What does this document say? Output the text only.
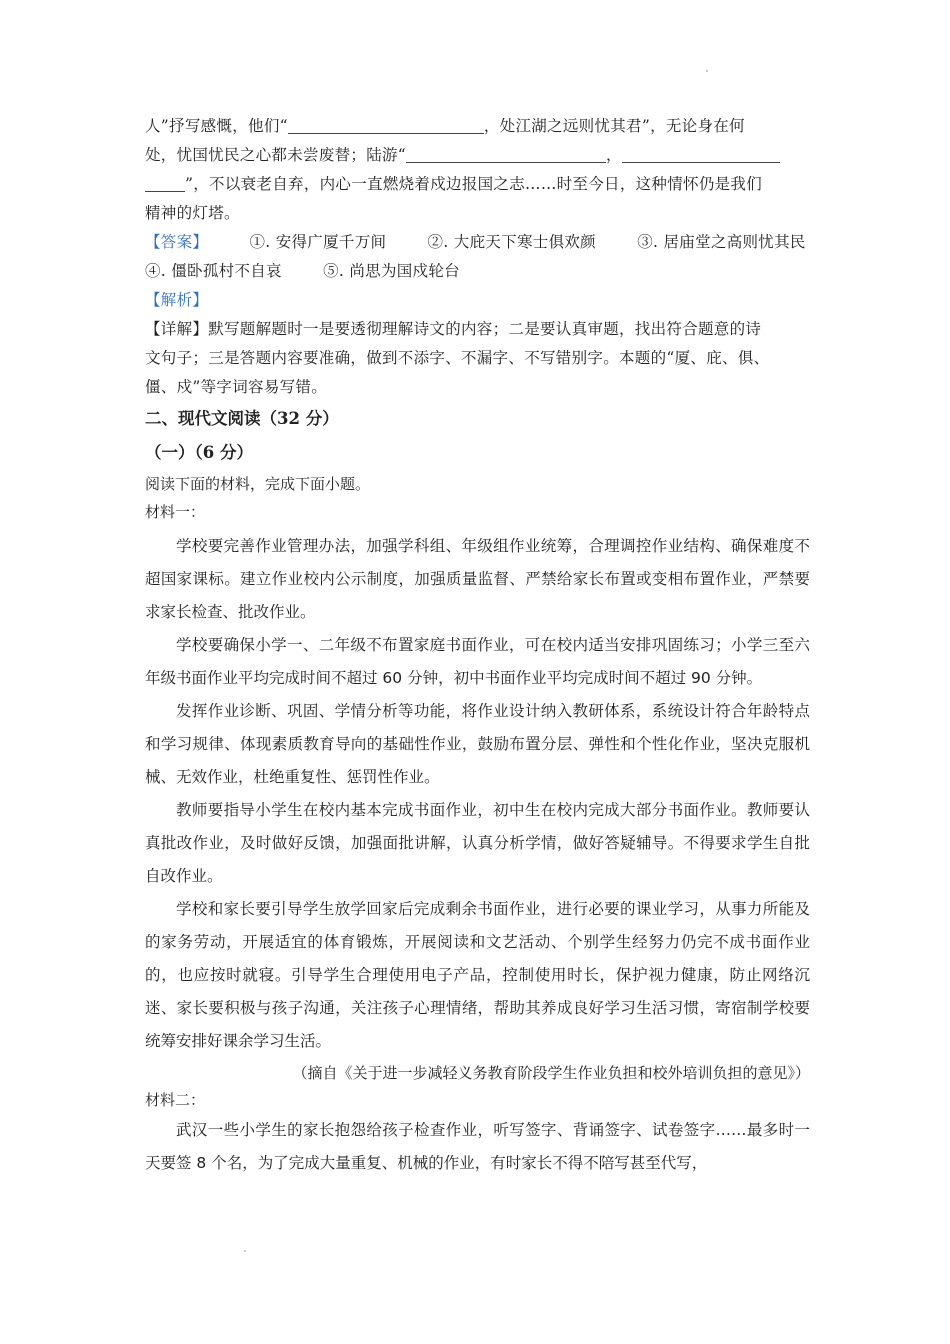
人”抒写感慨，他们“	，处江湖之远则忧其君”，无论身在何
处，忧国忧民之心都未尝废替；陆游“	，
”，不以衰老自弃，内心一直燃烧着戍边报国之志……时至今日，这种情怀仍是我们
精神的灯塔。
【答案】	①. 安得广厦千万间	②. 大庇天下寒士俱欢颜	③. 居庙堂之高则忧其民
④. 僵卧孤村不自哀	⑤. 尚思为国戍轮台
【解析】
【详解】默写题解题时一是要透彻理解诗文的内容；二是要认真审题，找出符合题意的诗
文句子；三是答题内容要准确，做到不添字、不漏字、不写错别字。本题的“厦、庇、俱、
僵、戍”等字词容易写错。
二、现代文阅读（32 分）
（一）（6 分）
阅读下面的材料，完成下面小题。
材料一：

学校要完善作业管理办法，加强学科组、年级组作业统筹，合理调控作业结构、确保难度不超国家课标。建立作业校内公示制度，加强质量监督、严禁给家长布置或变相布置作业，严禁要求家长检查、批改作业。

学校要确保小学一、二年级不布置家庭书面作业，可在校内适当安排巩固练习；小学三至六年级书面作业平均完成时间不超过 60 分钟，初中书面作业平均完成时间不超过 90 分钟。

发挥作业诊断、巩固、学情分析等功能，将作业设计纳入教研体系，系统设计符合年龄特点和学习规律、体现素质教育导向的基础性作业，鼓励布置分层、弹性和个性化作业，坚决克服机械、无效作业，杜绝重复性、惩罚性作业。

教师要指导小学生在校内基本完成书面作业，初中生在校内完成大部分书面作业。教师要认真批改作业，及时做好反馈，加强面批讲解，认真分析学情，做好答疑辅导。不得要求学生自批自改作业。

学校和家长要引导学生放学回家后完成剩余书面作业，进行必要的课业学习，从事力所能及的家务劳动，开展适宜的体育锻炼，开展阅读和文艺活动、个别学生经努力仍完不成书面作业的，也应按时就寝。引导学生合理使用电子产品，控制使用时长，保护视力健康，防止网络沉迷、家长要积极与孩子沟通，关注孩子心理情绪，帮助其养成良好学习生活习惯，寄宿制学校要统筹安排好课余学习生活。

（摘自《关于进一步减轻义务教育阶段学生作业负担和校外培训负担的意见》）
材料二：

武汉一些小学生的家长抱怨给孩子检查作业，听写签字、背诵签字、试卷签字……最多时一天要签 8 个名，为了完成大量重复、机械的作业，有时家长不得不陪写甚至代写，
